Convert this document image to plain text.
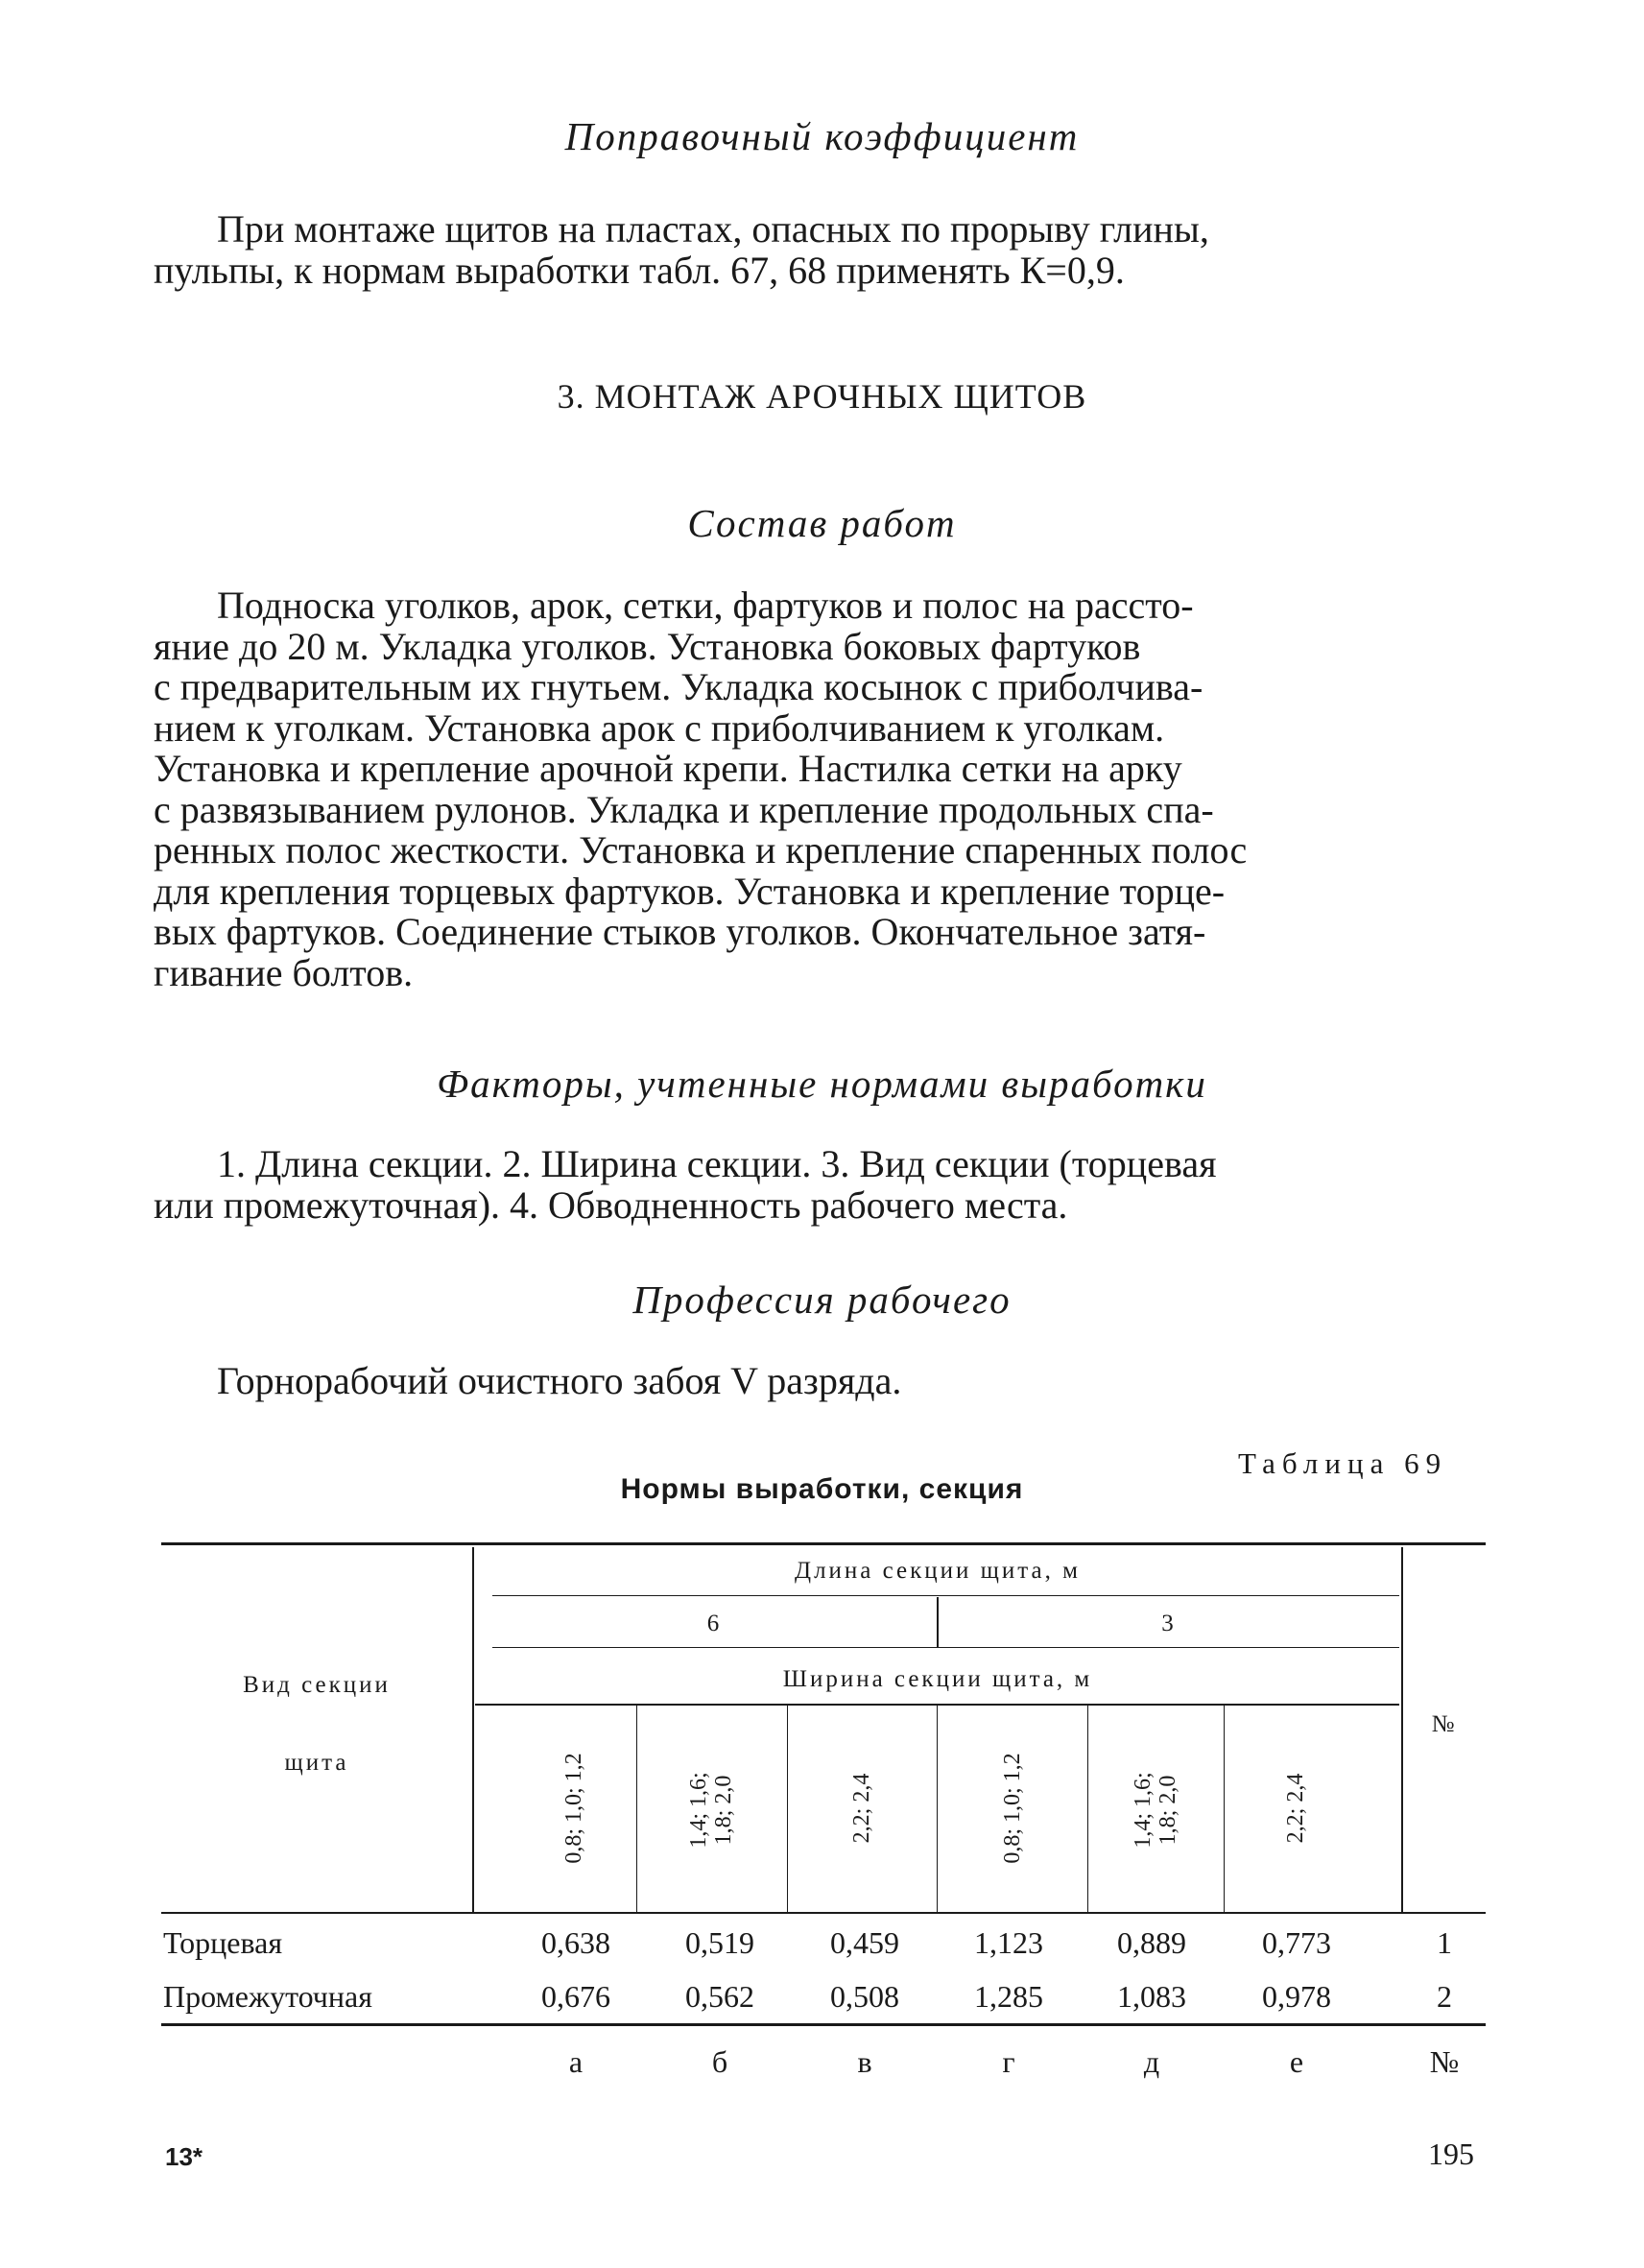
Поправочный коэффициент
При монтаже щитов на пластах, опасных по прорыву глины,
пульпы, к нормам выработки табл. 67, 68 применять К=0,9.
3. МОНТАЖ АРОЧНЫХ ЩИТОВ
Состав работ
Подноска уголков, арок, сетки, фартуков и полос на рассто-
яние до 20 м. Укладка уголков. Установка боковых фартуков
с предварительным их гнутьем. Укладка косынок с приболчива-
нием к уголкам. Установка арок с приболчиванием к уголкам.
Установка и крепление арочной крепи. Настилка сетки на арку
с развязыванием рулонов. Укладка и крепление продольных спа-
ренных полос жесткости. Установка и крепление спаренных полос
для крепления торцевых фартуков. Установка и крепление торце-
вых фартуков. Соединение стыков уголков. Окончательное затя-
гивание болтов.
Факторы, учтенные нормами выработки
1. Длина секции. 2. Ширина секции. 3. Вид секции (торцевая
или промежуточная). 4. Обводненность рабочего места.
Профессия рабочего
Горнорабочий очистного забоя V разряда.
Таблица 69
Нормы выработки, секция
Вид секции
щита
Длина секции щита, м
6	3
Ширина секции щита, м
№
0,8; 1,0; 1,2	1,4; 1,6; 1,8; 2,0	2,2; 2,4	0,8; 1,0; 1,2	1,4; 1,6; 1,8; 2,0	2,2; 2,4
Торцевая	0,638	0,519	0,459	1,123	0,889	0,773	1
Промежуточная	0,676	0,562	0,508	1,285	1,083	0,978	2
а	б	в	г	д	е	№
13*	195
